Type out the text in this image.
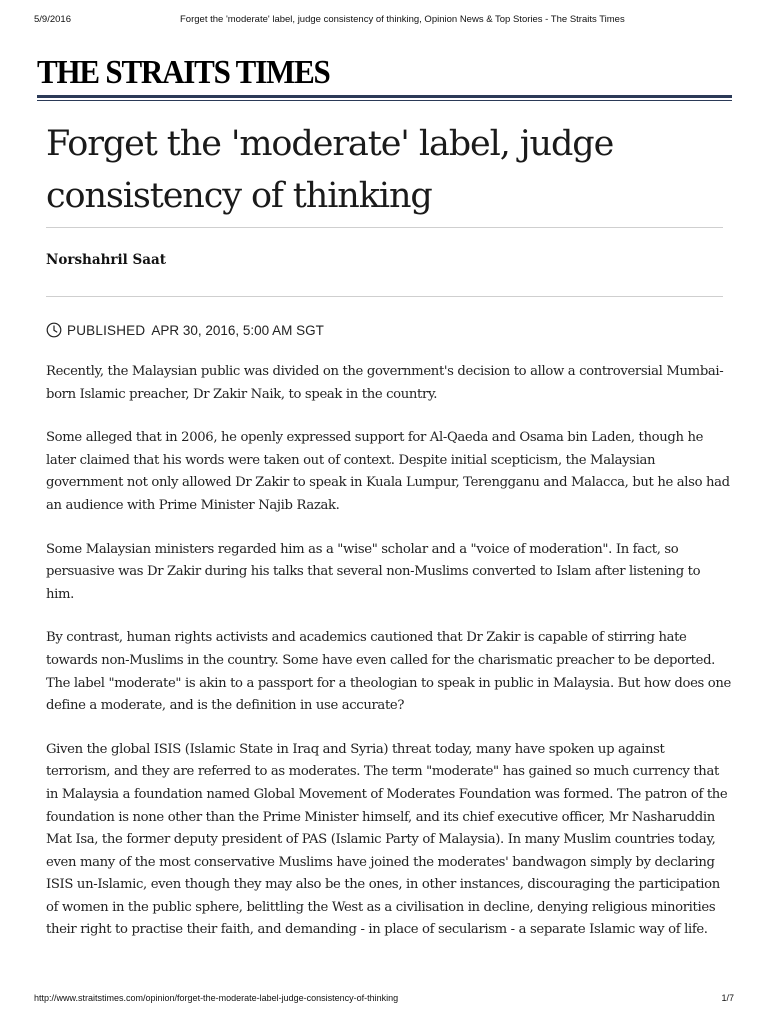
5/9/2016	Forget the 'moderate' label, judge consistency of thinking, Opinion News & Top Stories - The Straits Times
THE STRAITS TIMES
Forget the 'moderate' label, judge consistency of thinking
Norshahril Saat
PUBLISHED APR 30, 2016, 5:00 AM SGT

Recently, the Malaysian public was divided on the government's decision to allow a controversial Mumbai-born Islamic preacher, Dr Zakir Naik, to speak in the country.

Some alleged that in 2006, he openly expressed support for Al-Qaeda and Osama bin Laden, though he later claimed that his words were taken out of context. Despite initial scepticism, the Malaysian government not only allowed Dr Zakir to speak in Kuala Lumpur, Terengganu and Malacca, but he also had an audience with Prime Minister Najib Razak.

Some Malaysian ministers regarded him as a "wise" scholar and a "voice of moderation". In fact, so persuasive was Dr Zakir during his talks that several non-Muslims converted to Islam after listening to him.

By contrast, human rights activists and academics cautioned that Dr Zakir is capable of stirring hate towards non-Muslims in the country. Some have even called for the charismatic preacher to be deported. The label "moderate" is akin to a passport for a theologian to speak in public in Malaysia. But how does one define a moderate, and is the definition in use accurate?

Given the global ISIS (Islamic State in Iraq and Syria) threat today, many have spoken up against terrorism, and they are referred to as moderates. The term "moderate" has gained so much currency that in Malaysia a foundation named Global Movement of Moderates Foundation was formed. The patron of the foundation is none other than the Prime Minister himself, and its chief executive officer, Mr Nasharuddin Mat Isa, the former deputy president of PAS (Islamic Party of Malaysia). In many Muslim countries today, even many of the most conservative Muslims have joined the moderates' bandwagon simply by declaring ISIS un-Islamic, even though they may also be the ones, in other instances, discouraging the participation of women in the public sphere, belittling the West as a civilisation in decline, denying religious minorities their right to practise their faith, and demanding - in place of secularism - a separate Islamic way of life.

http://www.straitstimes.com/opinion/forget-the-moderate-label-judge-consistency-of-thinking	1/7
